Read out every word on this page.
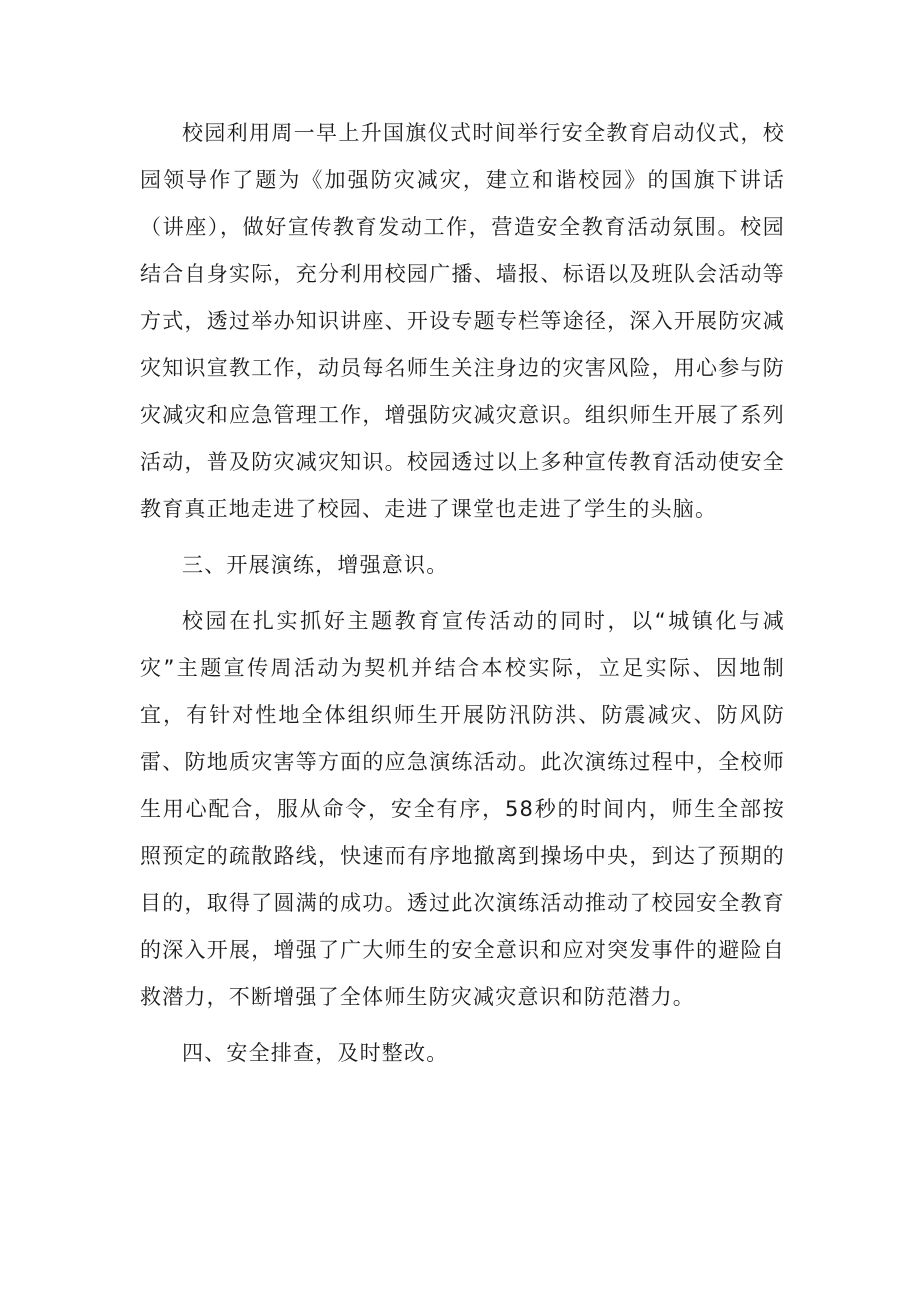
校园利用周一早上升国旗仪式时间举行安全教育启动仪式，校园领导作了题为《加强防灾减灾，建立和谐校园》的国旗下讲话（讲座），做好宣传教育发动工作，营造安全教育活动氛围。校园结合自身实际，充分利用校园广播、墙报、标语以及班队会活动等方式，透过举办知识讲座、开设专题专栏等途径，深入开展防灾减灾知识宣教工作，动员每名师生关注身边的灾害风险，用心参与防灾减灾和应急管理工作，增强防灾减灾意识。组织师生开展了系列活动，普及防灾减灾知识。校园透过以上多种宣传教育活动使安全教育真正地走进了校园、走进了课堂也走进了学生的头脑。

三、开展演练，增强意识。

校园在扎实抓好主题教育宣传活动的同时，以“城镇化与减灾”主题宣传周活动为契机并结合本校实际，立足实际、因地制宜，有针对性地全体组织师生开展防汛防洪、防震减灾、防风防雷、防地质灾害等方面的应急演练活动。此次演练过程中，全校师生用心配合，服从命令，安全有序，58秒的时间内，师生全部按照预定的疏散路线，快速而有序地撤离到操场中央，到达了预期的目的，取得了圆满的成功。透过此次演练活动推动了校园安全教育的深入开展，增强了广大师生的安全意识和应对突发事件的避险自救潜力，不断增强了全体师生防灾减灾意识和防范潜力。

四、安全排查，及时整改。
